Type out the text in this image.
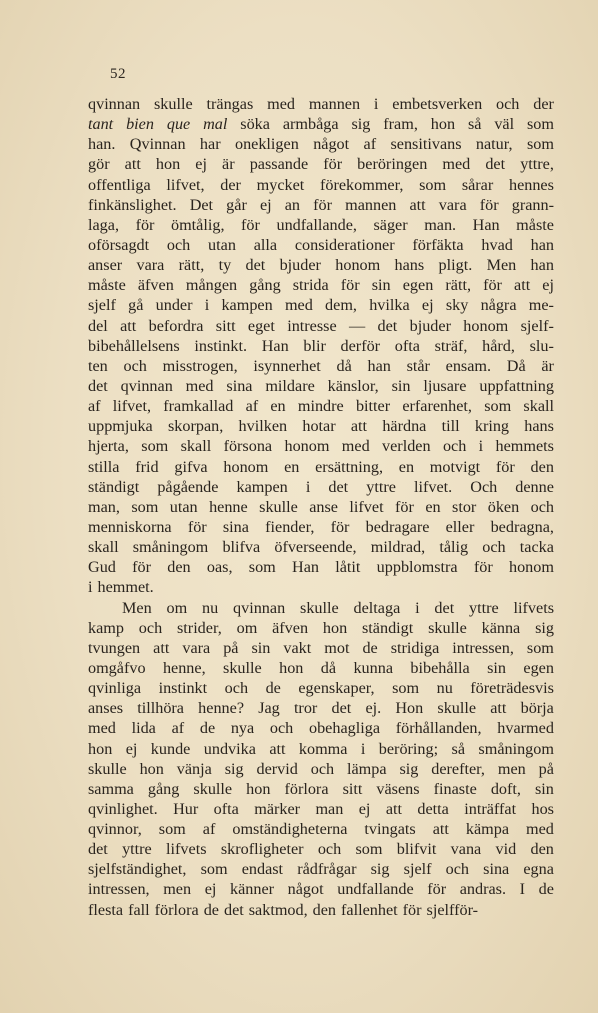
52
qvinnan skulle trängas med mannen i embetsverken och der
tant bien que mal söka armbåga sig fram, hon så väl som
han. Qvinnan har onekligen något af sensitivans natur, som
gör att hon ej är passande för beröringen med det yttre,
offentliga lifvet, der mycket förekommer, som sårar hennes
finkänslighet. Det går ej an för mannen att vara för grann-
laga, för ömtålig, för undfallande, säger man. Han måste
oförsagdt och utan alla considerationer förfäkta hvad han
anser vara rätt, ty det bjuder honom hans pligt. Men han
måste äfven mången gång strida för sin egen rätt, för att ej
sjelf gå under i kampen med dem, hvilka ej sky några me-
del att befordra sitt eget intresse — det bjuder honom sjelf-
bibehållelsens instinkt. Han blir derför ofta sträf, hård, slu-
ten och misstrogen, isynnerhet då han står ensam. Då är
det qvinnan med sina mildare känslor, sin ljusare uppfattning
af lifvet, framkallad af en mindre bitter erfarenhet, som skall
uppmjuka skorpan, hvilken hotar att härdna till kring hans
hjerta, som skall försona honom med verlden och i hemmets
stilla frid gifva honom en ersättning, en motvigt för den
ständigt pågående kampen i det yttre lifvet. Och denne
man, som utan henne skulle anse lifvet för en stor öken och
menniskorna för sina fiender, för bedragare eller bedragna,
skall småningom blifva öfverseende, mildrad, tålig och tacka
Gud för den oas, som Han låtit uppblomstra för honom
i hemmet.
Men om nu qvinnan skulle deltaga i det yttre lifvets
kamp och strider, om äfven hon ständigt skulle känna sig
tvungen att vara på sin vakt mot de stridiga intressen, som
omgåfvo henne, skulle hon då kunna bibehålla sin egen
qvinliga instinkt och de egenskaper, som nu företrädesvis
anses tillhöra henne? Jag tror det ej. Hon skulle att börja
med lida af de nya och obehagliga förhållanden, hvarmed
hon ej kunde undvika att komma i beröring; så småningom
skulle hon vänja sig dervid och lämpa sig derefter, men på
samma gång skulle hon förlora sitt väsens finaste doft, sin
qvinlighet. Hur ofta märker man ej att detta inträffat hos
qvinnor, som af omständigheterna tvingats att kämpa med
det yttre lifvets skrofligheter och som blifvit vana vid den
sjelfständighet, som endast rådfrågar sig sjelf och sina egna
intressen, men ej känner något undfallande för andras. I de
flesta fall förlora de det saktmod, den fallenhet för sjelfför-
